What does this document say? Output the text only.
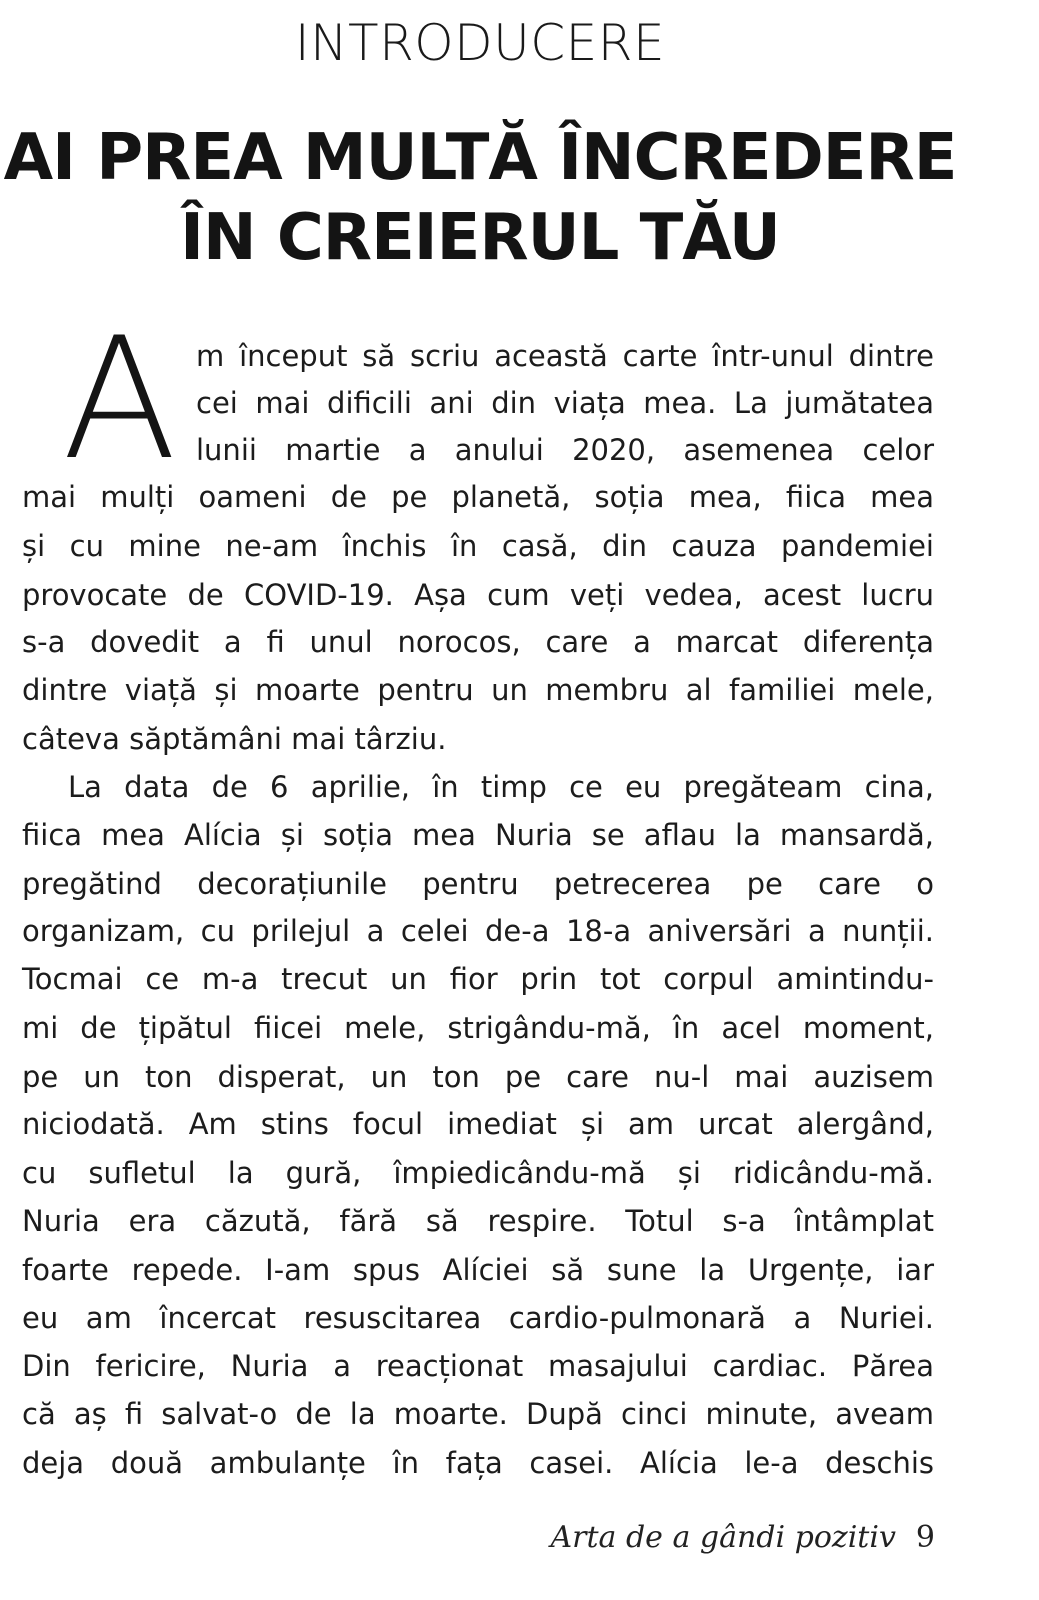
INTRODUCERE
AI PREA MULTĂ ÎNCREDERE
ÎN CREIERUL TĂU
A m început să scriu această carte într-unul dintre
cei mai dificili ani din viața mea. La jumătatea
lunii martie a anului 2020, asemenea celor
mai mulți oameni de pe planetă, soția mea, fiica mea
și cu mine ne-am închis în casă, din cauza pandemiei
provocate de COVID-19. Așa cum veți vedea, acest lucru
s-a dovedit a fi unul norocos, care a marcat diferența
dintre viață și moarte pentru un membru al familiei mele,
câteva săptămâni mai târziu.
La data de 6 aprilie, în timp ce eu pregăteam cina,
fiica mea Alícia și soția mea Nuria se aflau la mansardă,
pregătind decorațiunile pentru petrecerea pe care o
organizam, cu prilejul a celei de-a 18-a aniversări a nunții.
Tocmai ce m-a trecut un fior prin tot corpul amintindu-
mi de țipătul fiicei mele, strigându-mă, în acel moment,
pe un ton disperat, un ton pe care nu-l mai auzisem
niciodată. Am stins focul imediat și am urcat alergând,
cu sufletul la gură, împiedicându-mă și ridicându-mă.
Nuria era căzută, fără să respire. Totul s-a întâmplat
foarte repede. I-am spus Alíciei să sune la Urgențe, iar
eu am încercat resuscitarea cardio-pulmonară a Nuriei.
Din fericire, Nuria a reacționat masajului cardiac. Părea
că aș fi salvat-o de la moarte. După cinci minute, aveam
deja două ambulanțe în fața casei. Alícia le-a deschis
Arta de a gândi pozitiv 9
